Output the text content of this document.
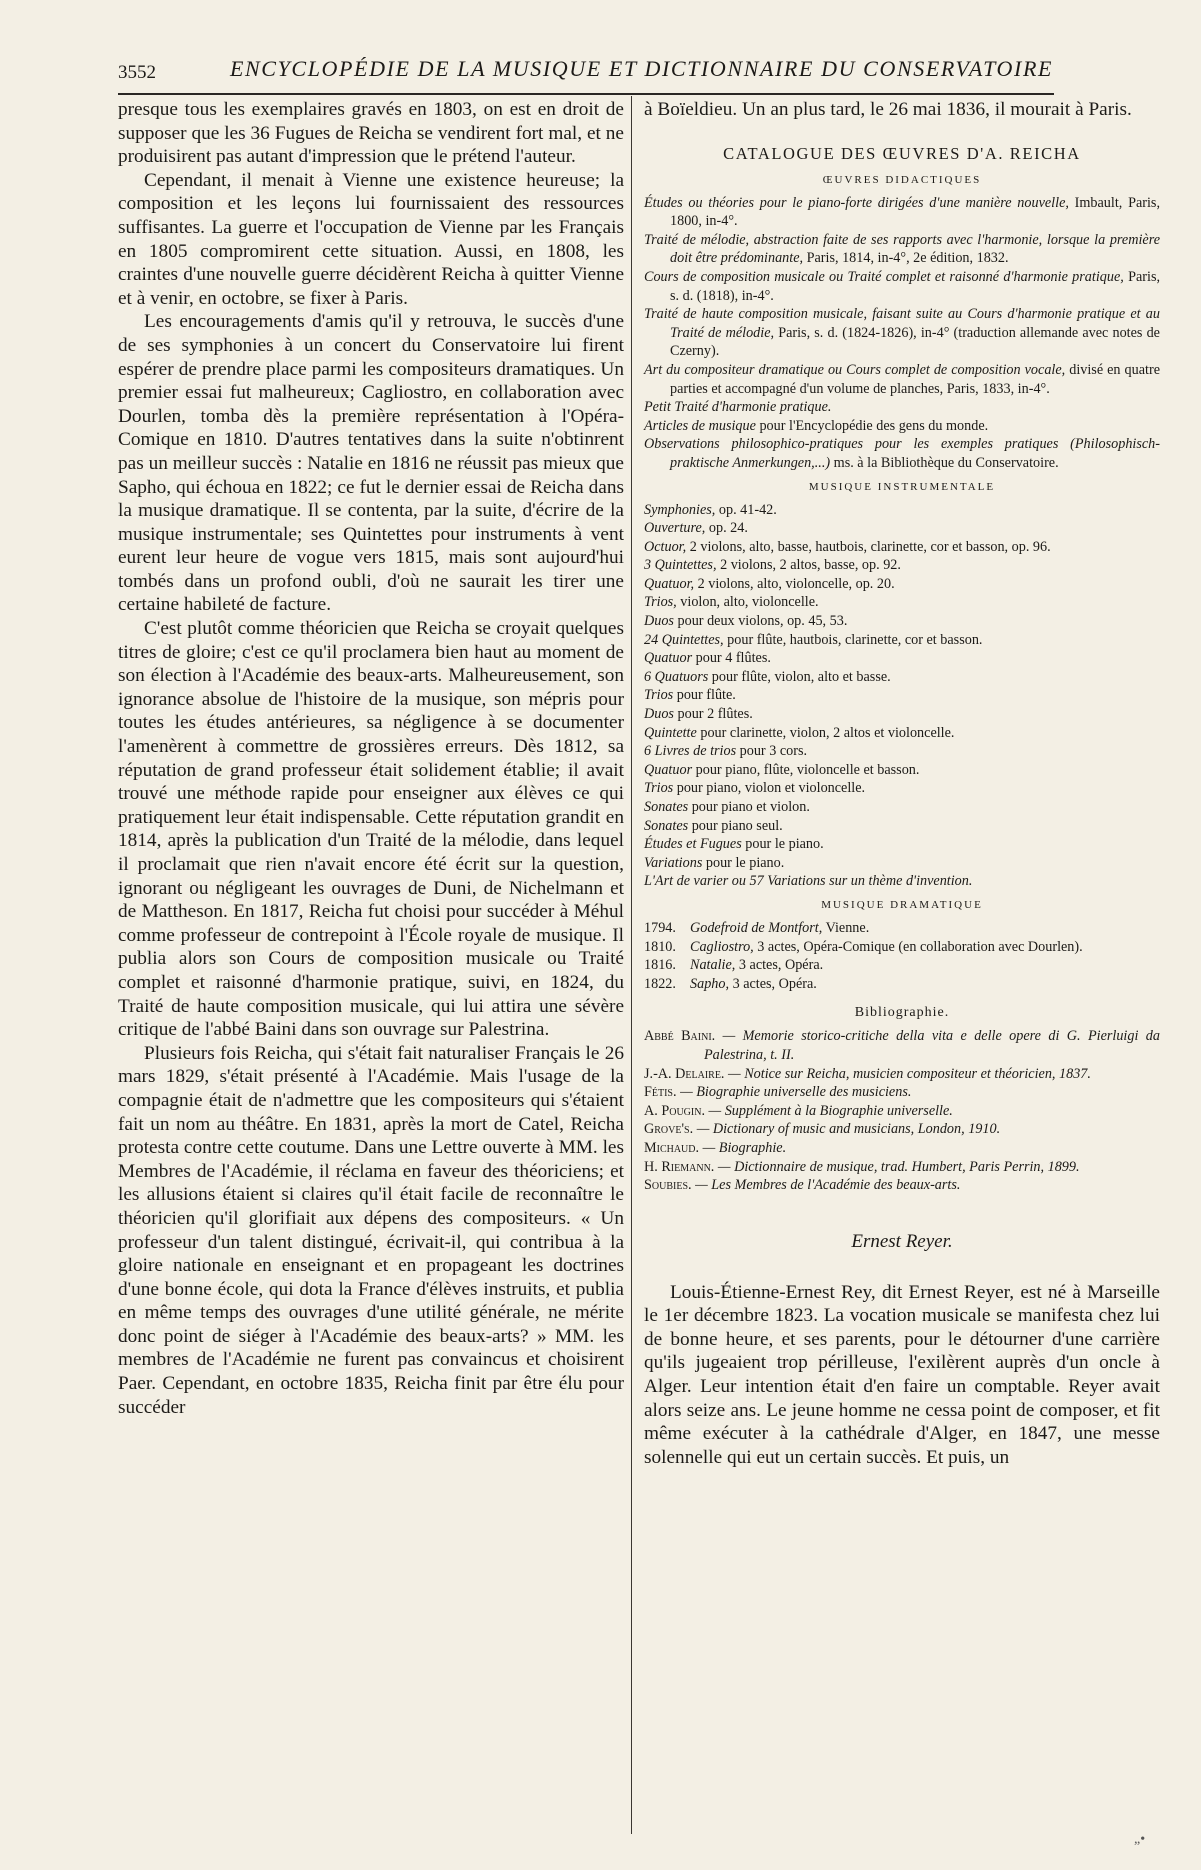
3552	ENCYCLOPÉDIE DE LA MUSIQUE ET DICTIONNAIRE DU CONSERVATOIRE

presque tous les exemplaires gravés en 1803, on est en droit de supposer que les 36 Fugues de Reicha se vendirent fort mal, et ne produisirent pas autant d'impression que le prétend l'auteur.

Cependant, il menait à Vienne une existence heureuse; la composition et les leçons lui fournissaient des ressources suffisantes. La guerre et l'occupation de Vienne par les Français en 1805 compromirent cette situation. Aussi, en 1808, les craintes d'une nouvelle guerre décidèrent Reicha à quitter Vienne et à venir, en octobre, se fixer à Paris.

Les encouragements d'amis qu'il y retrouva, le succès d'une de ses symphonies à un concert du Conservatoire lui firent espérer de prendre place parmi les compositeurs dramatiques. Un premier essai fut malheureux; Cagliostro, en collaboration avec Dourlen, tomba dès la première représentation à l'Opéra-Comique en 1810. D'autres tentatives dans la suite n'obtinrent pas un meilleur succès : Natalie en 1816 ne réussit pas mieux que Sapho, qui échoua en 1822; ce fut le dernier essai de Reicha dans la musique dramatique. Il se contenta, par la suite, d'écrire de la musique instrumentale; ses Quintettes pour instruments à vent eurent leur heure de vogue vers 1815, mais sont aujourd'hui tombés dans un profond oubli, d'où ne saurait les tirer une certaine habileté de facture.

C'est plutôt comme théoricien que Reicha se croyait quelques titres de gloire; c'est ce qu'il proclamera bien haut au moment de son élection à l'Académie des beaux-arts. Malheureusement, son ignorance absolue de l'histoire de la musique, son mépris pour toutes les études antérieures, sa négligence à se documenter l'amenèrent à commettre de grossières erreurs. Dès 1812, sa réputation de grand professeur était solidement établie; il avait trouvé une méthode rapide pour enseigner aux élèves ce qui pratiquement leur était indispensable. Cette réputation grandit en 1814, après la publication d'un Traité de la mélodie, dans lequel il proclamait que rien n'avait encore été écrit sur la question, ignorant ou négligeant les ouvrages de Duni, de Nichelmann et de Mattheson. En 1817, Reicha fut choisi pour succéder à Méhul comme professeur de contrepoint à l'École royale de musique. Il publia alors son Cours de composition musicale ou Traité complet et raisonné d'harmonie pratique, suivi, en 1824, du Traité de haute composition musicale, qui lui attira une sévère critique de l'abbé Baini dans son ouvrage sur Palestrina.

Plusieurs fois Reicha, qui s'était fait naturaliser Français le 26 mars 1829, s'était présenté à l'Académie. Mais l'usage de la compagnie était de n'admettre que les compositeurs qui s'étaient fait un nom au théâtre. En 1831, après la mort de Catel, Reicha protesta contre cette coutume. Dans une Lettre ouverte à MM. les Membres de l'Académie, il réclama en faveur des théoriciens; et les allusions étaient si claires qu'il était facile de reconnaître le théoricien qu'il glorifiait aux dépens des compositeurs. « Un professeur d'un talent distingué, écrivait-il, qui contribua à la gloire nationale en enseignant et en propageant les doctrines d'une bonne école, qui dota la France d'élèves instruits, et publia en même temps des ouvrages d'une utilité générale, ne mérite donc point de siéger à l'Académie des beaux-arts? » MM. les membres de l'Académie ne furent pas convaincus et choisirent Paer. Cependant, en octobre 1835, Reicha finit par être élu pour succéder

à Boïeldieu. Un an plus tard, le 26 mai 1836, il mourait à Paris.

CATALOGUE DES ŒUVRES D'A. REICHA
ŒUVRES DIDACTIQUES
Études ou théories pour le piano-forte dirigées d'une manière nouvelle, Imbault, Paris, 1800, in-4°.
Traité de mélodie, abstraction faite de ses rapports avec l'harmonie, lorsque la première doit être prédominante, Paris, 1814, in-4°, 2e édition, 1832.
Cours de composition musicale ou Traité complet et raisonné d'harmonie pratique, Paris, s. d. (1818), in-4°.
Traité de haute composition musicale, faisant suite au Cours d'harmonie pratique et au Traité de mélodie, Paris, s. d. (1824-1826), in-4° (traduction allemande avec notes de Czerny).
Art du compositeur dramatique ou Cours complet de composition vocale, divisé en quatre parties et accompagné d'un volume de planches, Paris, 1833, in-4°.
Petit Traité d'harmonie pratique.
Articles de musique pour l'Encyclopédie des gens du monde.
Observations philosophico-pratiques pour les exemples pratiques (Philosophisch-praktische Anmerkungen,...) ms. à la Bibliothèque du Conservatoire.
MUSIQUE INSTRUMENTALE
Symphonies, op. 41-42.
Ouverture, op. 24.
Octuor, 2 violons, alto, basse, hautbois, clarinette, cor et basson, op. 96.
3 Quintettes, 2 violons, 2 altos, basse, op. 92.
Quatuor, 2 violons, alto, violoncelle, op. 20.
Trios, violon, alto, violoncelle.
Duos pour deux violons, op. 45, 53.
24 Quintettes, pour flûte, hautbois, clarinette, cor et basson.
Quatuor pour 4 flûtes.
6 Quatuors pour flûte, violon, alto et basse.
Trios pour flûte.
Duos pour 2 flûtes.
Quintette pour clarinette, violon, 2 altos et violoncelle.
6 Livres de trios pour 3 cors.
Quatuor pour piano, flûte, violoncelle et basson.
Trios pour piano, violon et violoncelle.
Sonates pour piano et violon.
Sonates pour piano seul.
Études et Fugues pour le piano.
Variations pour le piano.
L'Art de varier ou 57 Variations sur un thème d'invention.
MUSIQUE DRAMATIQUE
1794. Godefroid de Montfort, Vienne.
1810. Cagliostro, 3 actes, Opéra-Comique (en collaboration avec Dourlen).
1816. Natalie, 3 actes, Opéra.
1822. Sapho, 3 actes, Opéra.
Bibliographie.
Abbé Baini. — Memorie storico-critiche della vita e delle opere di G. Pierluigi da Palestrina, t. II.
J.-A. Delaire. — Notice sur Reicha, musicien compositeur et théoricien, 1837.
Fétis. — Biographie universelle des musiciens.
A. Pougin. — Supplément à la Biographie universelle.
Grove's. — Dictionary of music and musicians, London, 1910.
Michaud. — Biographie.
H. Riemann. — Dictionnaire de musique, trad. Humbert, Paris Perrin, 1899.
Soubies. — Les Membres de l'Académie des beaux-arts.
Ernest Reyer.

Louis-Étienne-Ernest Rey, dit Ernest Reyer, est né à Marseille le 1er décembre 1823. La vocation musicale se manifesta chez lui de bonne heure, et ses parents, pour le détourner d'une carrière qu'ils jugeaient trop périlleuse, l'exilèrent auprès d'un oncle à Alger. Leur intention était d'en faire un comptable. Reyer avait alors seize ans. Le jeune homme ne cessa point de composer, et fit même exécuter à la cathédrale d'Alger, en 1847, une messe solennelle qui eut un certain succès. Et puis, un

„•
